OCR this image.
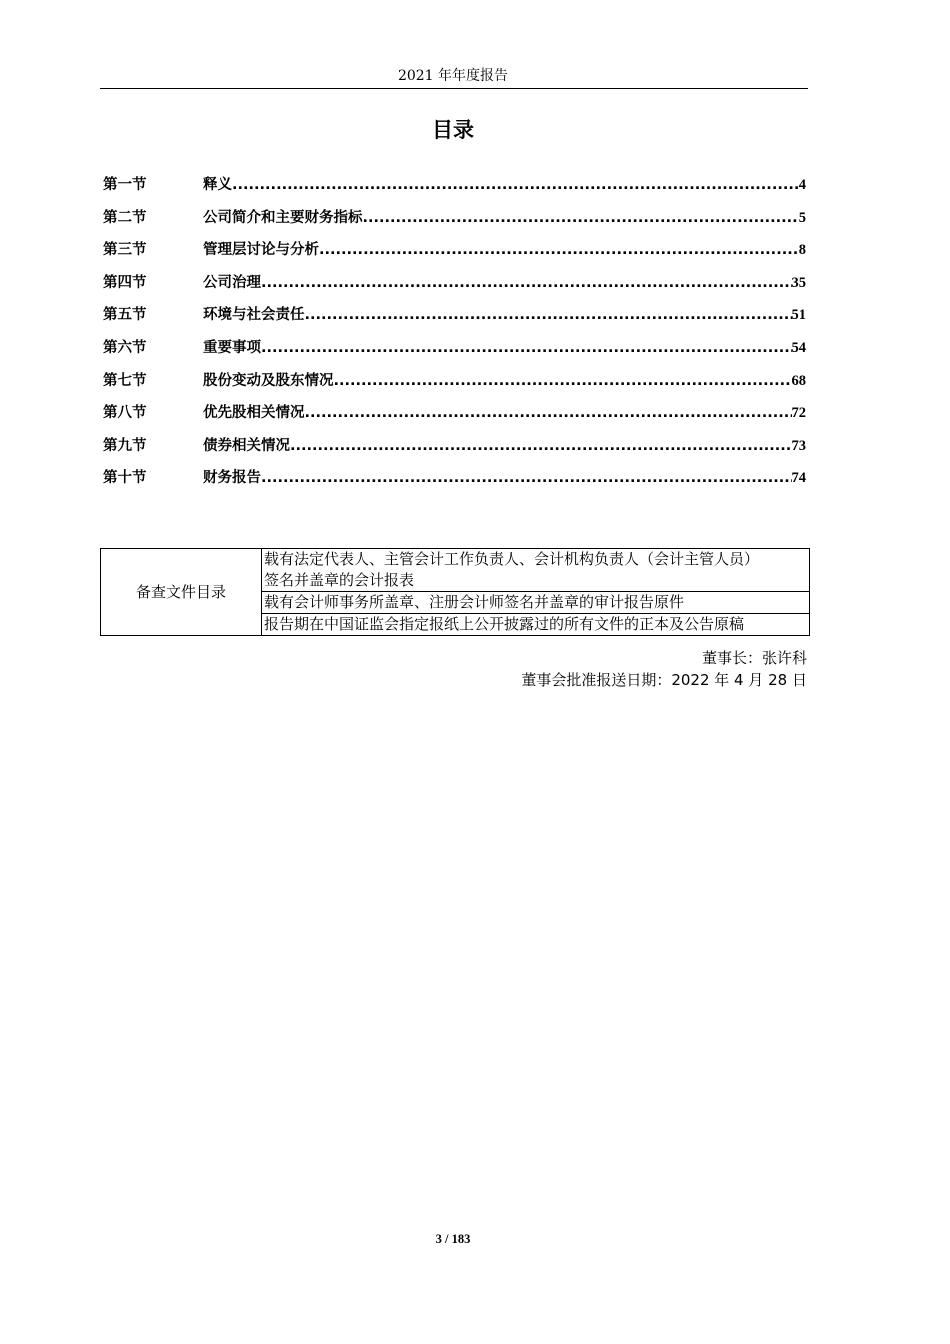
2021 年年度报告
目录
第一节	释义 .....	4
第二节	公司简介和主要财务指标 .....	5
第三节	管理层讨论与分析 .....	8
第四节	公司治理 .....	35
第五节	环境与社会责任 .....	51
第六节	重要事项 .....	54
第七节	股份变动及股东情况 .....	68
第八节	优先股相关情况 .....	72
第九节	债券相关情况 .....	73
第十节	财务报告 .....	74
备查文件目录	
载有法定代表人、主管会计工作负责人、会计机构负责人（会计主管人员）
签名并盖章的会计报表

载有会计师事务所盖章、注册会计师签名并盖章的审计报告原件
报告期在中国证监会指定报纸上公开披露过的所有文件的正本及公告原稿
董事长：张许科
董事会批准报送日期：2022 年 4 月 28 日
3 / 183
